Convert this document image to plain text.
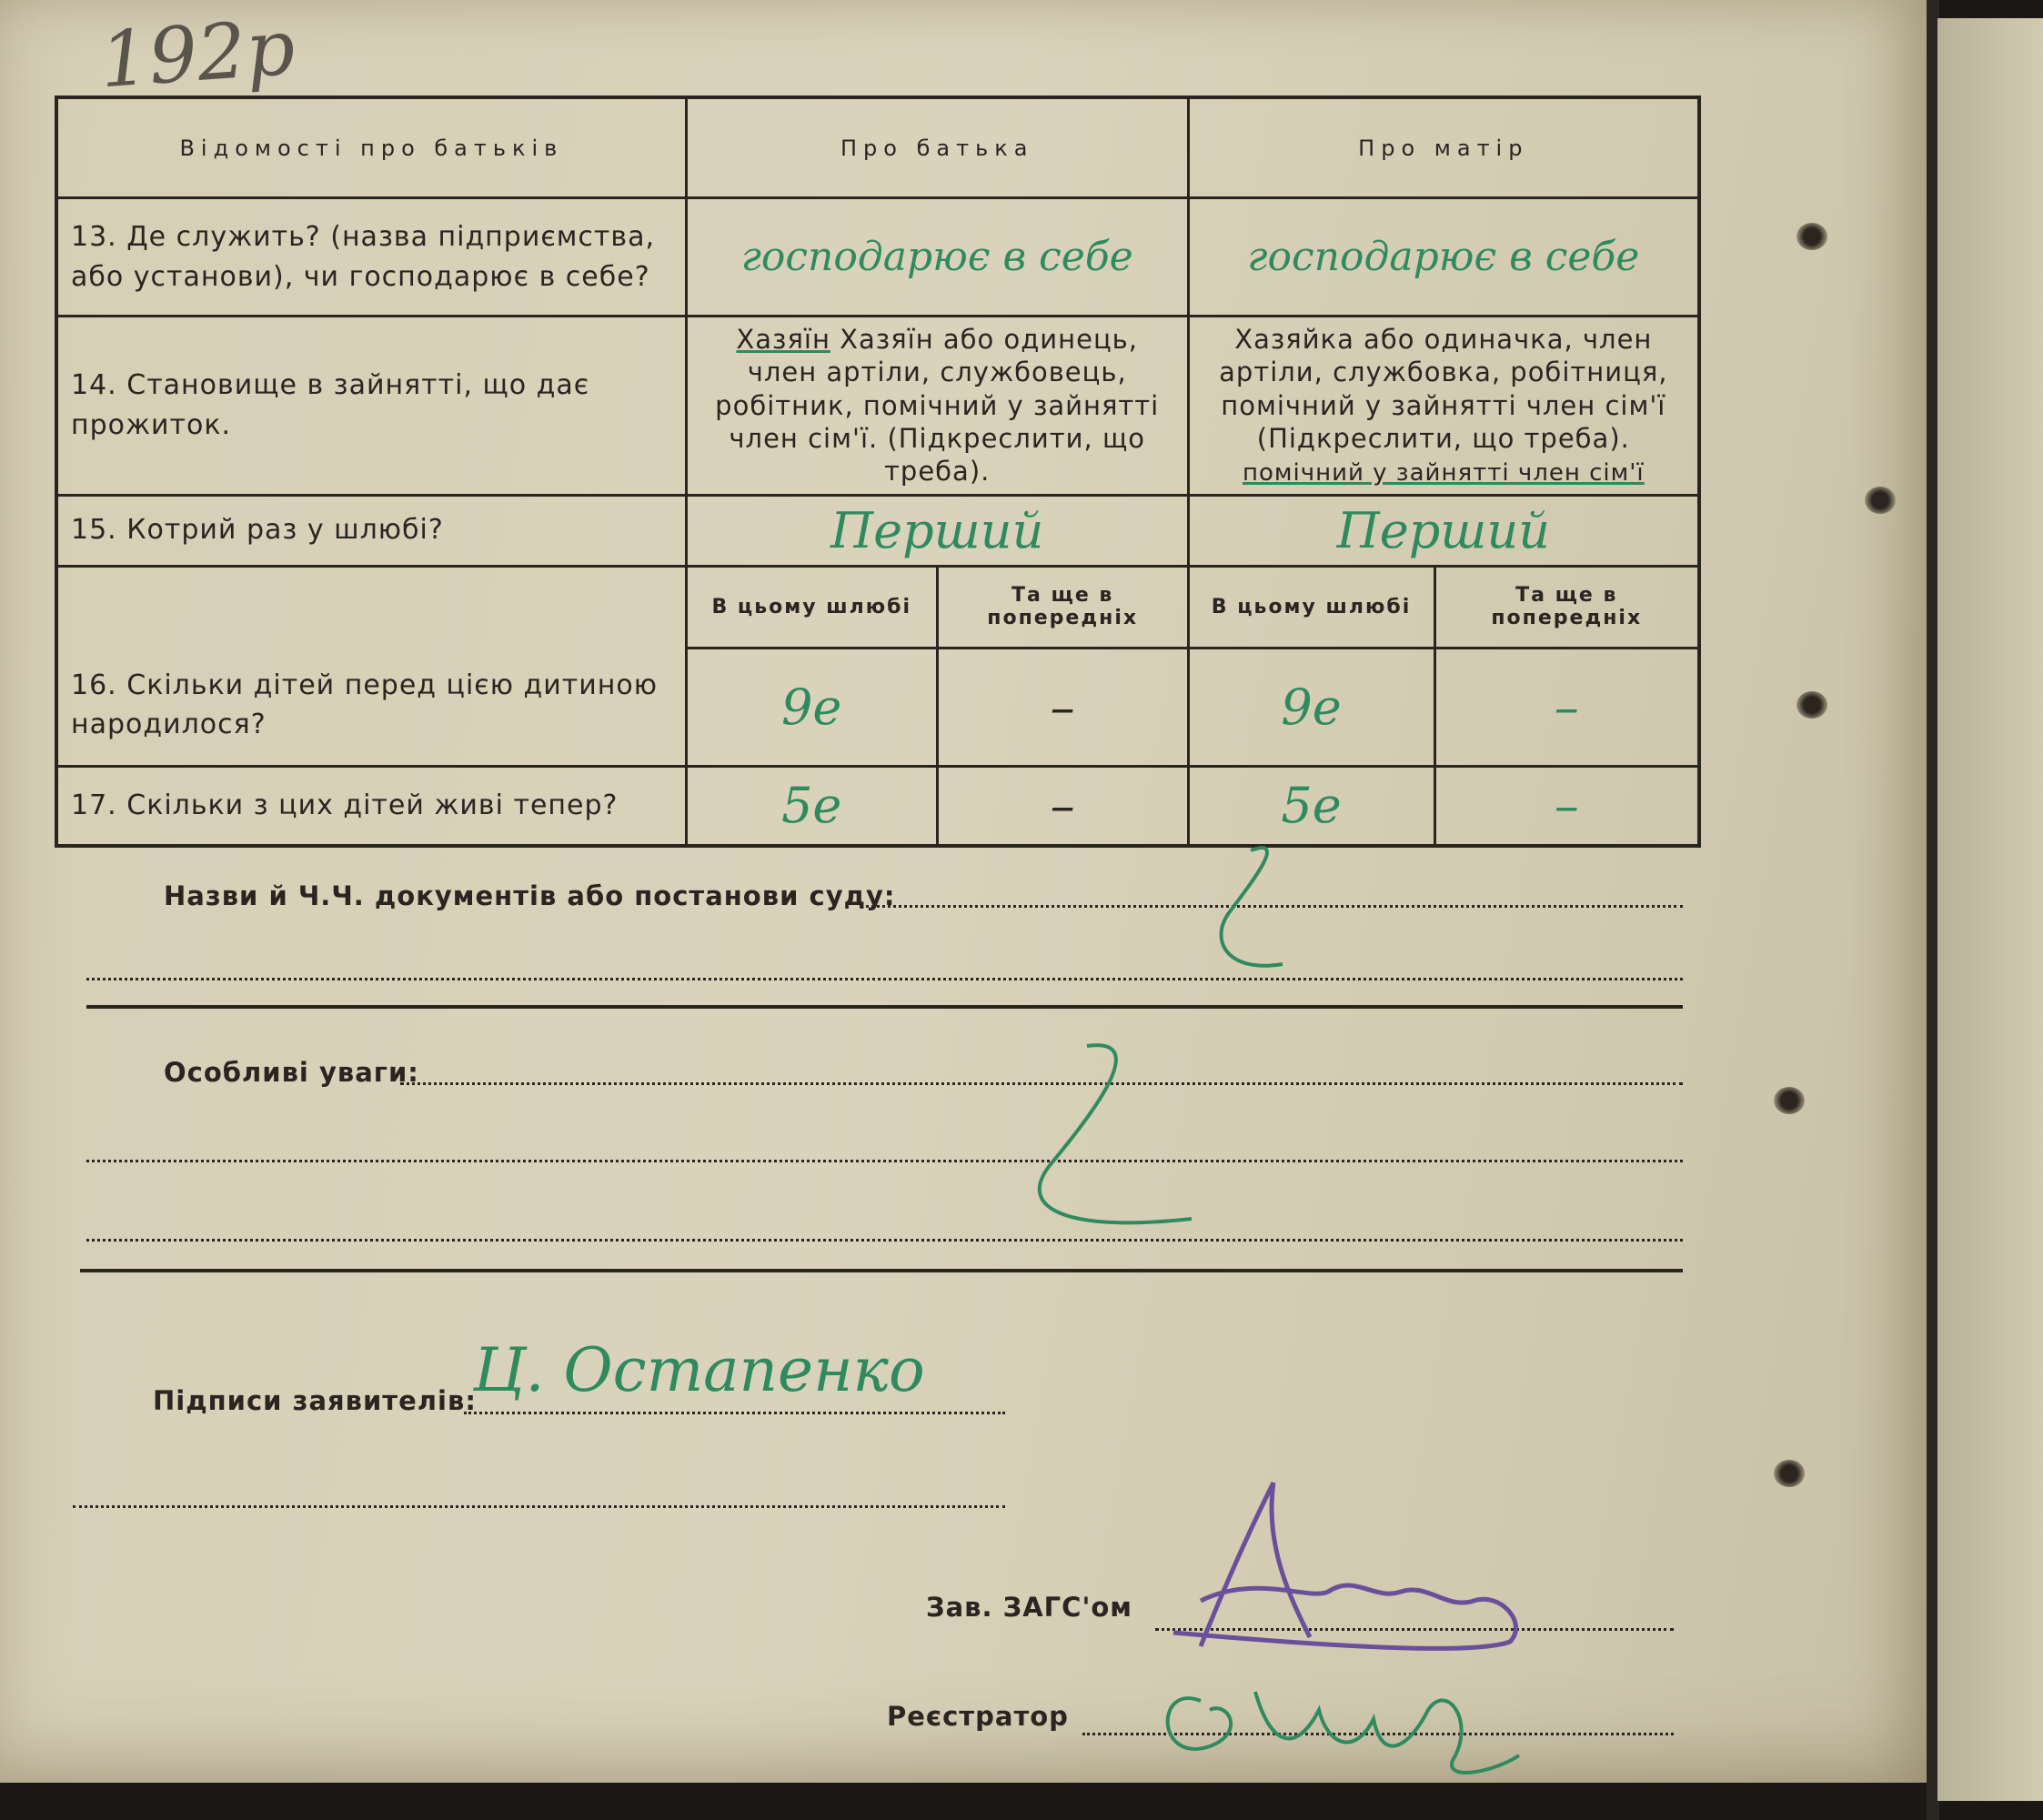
192р
Відомості про батьків	Про батька		Про матір	
13. Де служить? (назва підприємства, або установи), чи господарює в себе?	господарює в себе		господарює в себе	
14. Становище в зайнятті, що дає прожиток.	Хазяїн Хазяїн або одинець, член артіли, службовець, робітник, помічний у зайнятті член сім'ї. (Підкреслити, що треба).		Хазяйка або одиначка, член артіли, службовка, робітниця, помічний у зайнятті член сім'ї (Підкреслити, що треба).
помічний у зайнятті член сім'ї	

15. Котрий раз у шлюбі?	Перший		Перший	
16. Скільки дітей перед цією дитиною народилося?	В цьому шлюбі	Та ще в попередніх	В цьому шлюбі	Та ще в попередніх
	9е	–	9е	–
17. Скільки з цих дітей живі тепер?	5е	–	5е	–
Назви й Ч.Ч. документів або постанови суду:
Особливі уваги:
Підписи заявителів:
Ц. Остапенко
Зав. ЗАГС'ом
Реєстратор
